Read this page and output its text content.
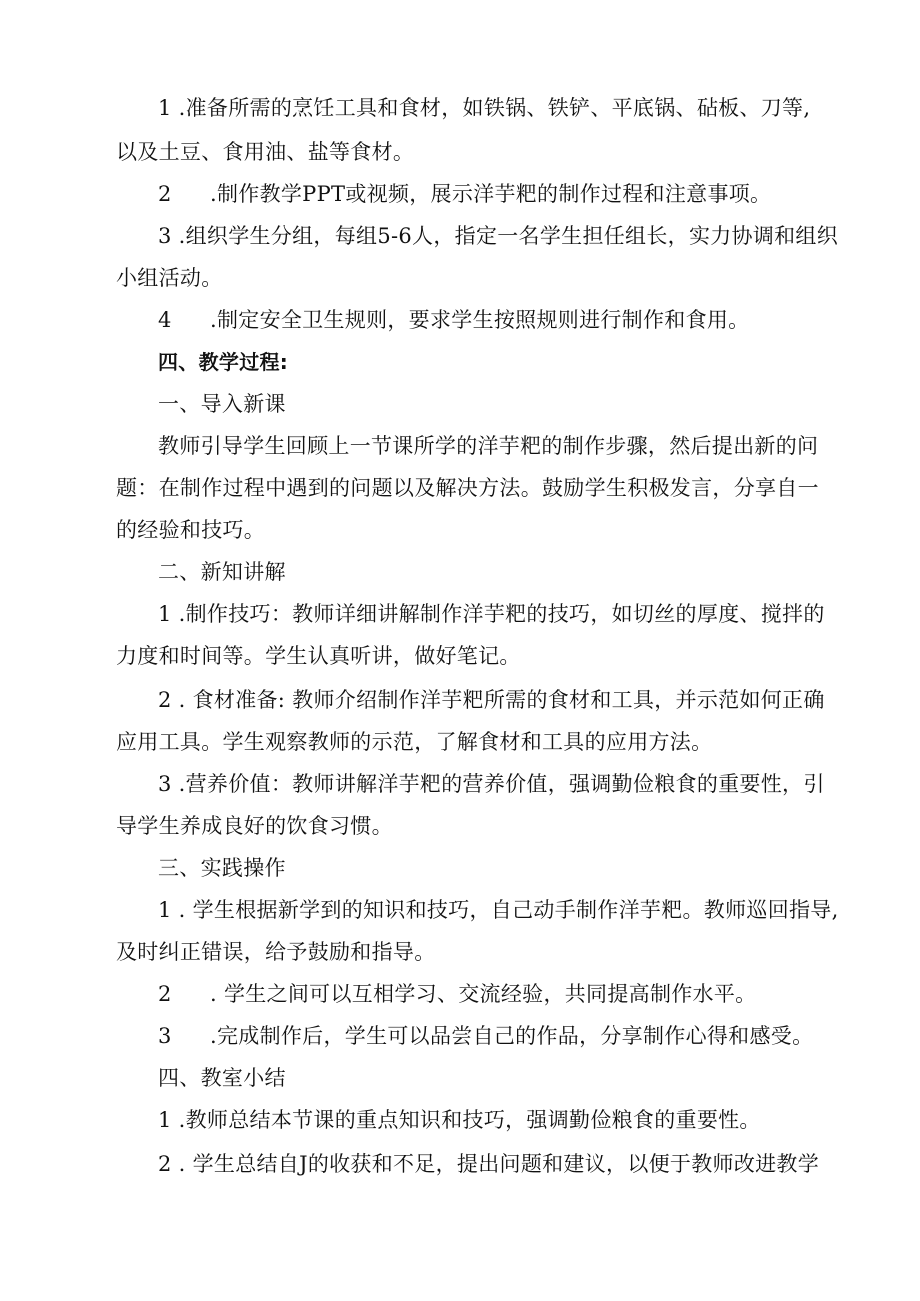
1 .准备所需的烹饪工具和食材，如铁锅、铁铲、平底锅、砧板、刀等,
以及土豆、食用油、盐等食材。
2 .制作教学PPT或视频，展示洋芋粑的制作过程和注意事项。
3 .组织学生分组，每组5-6人，指定一名学生担任组长，实力协调和组织
小组活动。
4 .制定安全卫生规则，要求学生按照规则进行制作和食用。
四、教学过程:
一、导入新课
教师引导学生回顾上一节课所学的洋芋粑的制作步骤，然后提出新的问
题：在制作过程中遇到的问题以及解决方法。鼓励学生积极发言，分享自一
的经验和技巧。
二、新知讲解
1 .制作技巧：教师详细讲解制作洋芋粑的技巧，如切丝的厚度、搅拌的
力度和时间等。学生认真听讲，做好笔记。
2 . 食材准备: 教师介绍制作洋芋粑所需的食材和工具，并示范如何正确
应用工具。学生观察教师的示范，了解食材和工具的应用方法。
3 .营养价值：教师讲解洋芋粑的营养价值，强调勤俭粮食的重要性，引
导学生养成良好的饮食习惯。
三、实践操作
1 . 学生根据新学到的知识和技巧，自己动手制作洋芋粑。教师巡回指导,
及时纠正错误，给予鼓励和指导。
2 . 学生之间可以互相学习、交流经验，共同提高制作水平。
3 .完成制作后，学生可以品尝自己的作品，分享制作心得和感受。
四、教室小结
1 .教师总结本节课的重点知识和技巧，强调勤俭粮食的重要性。
2 . 学生总结自J的收获和不足，提出问题和建议，以便于教师改进教学
